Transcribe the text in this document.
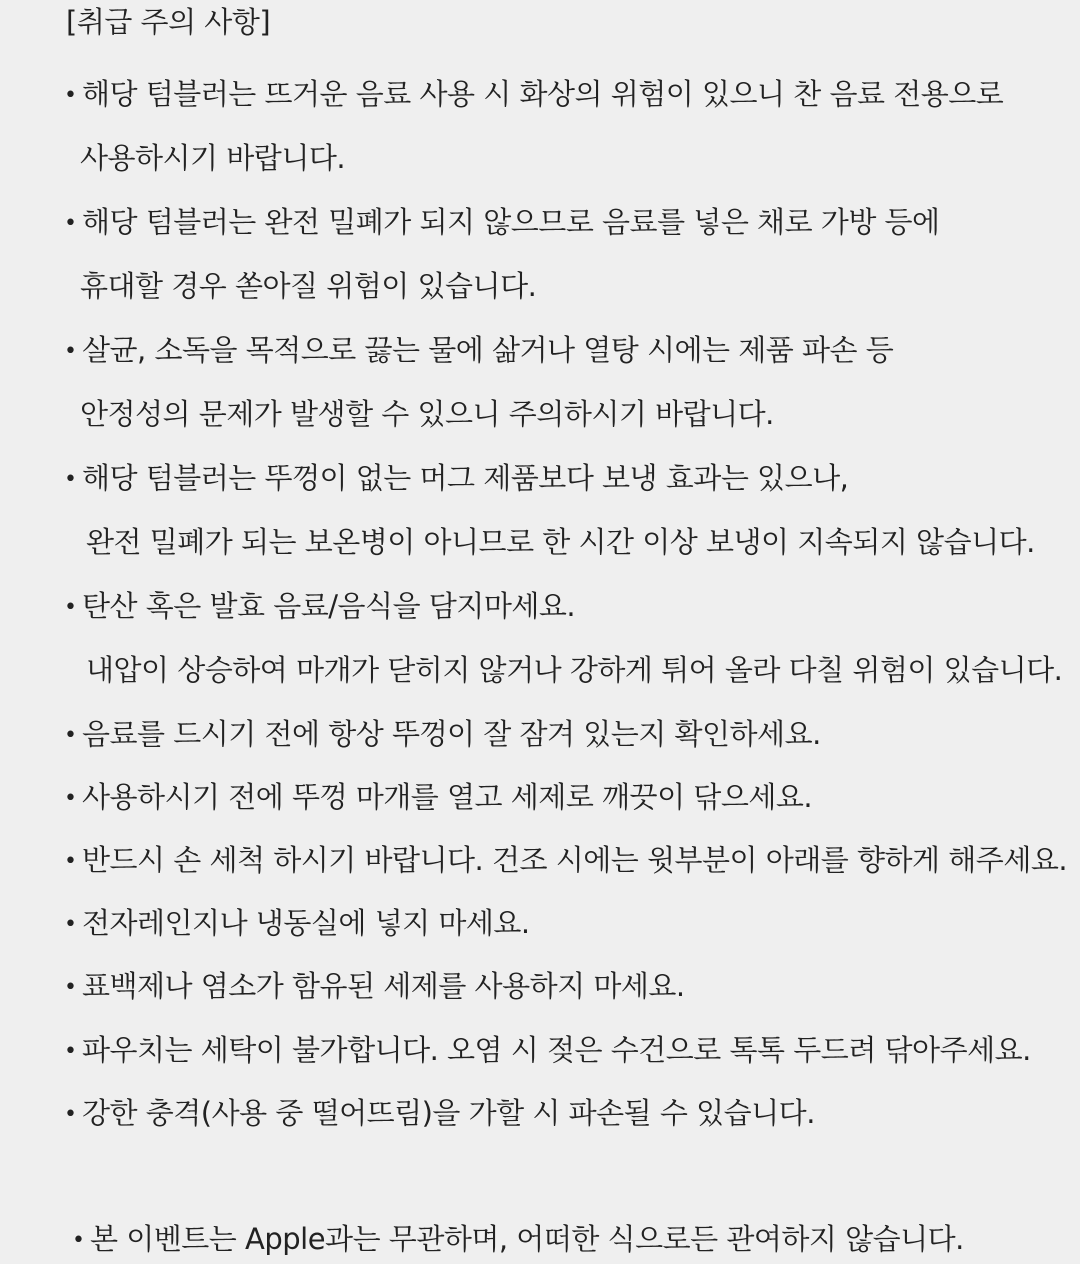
[취급 주의 사항]
• 해당 텀블러는 뜨거운 음료 사용 시 화상의 위험이 있으니 찬 음료 전용으로
사용하시기 바랍니다.
• 해당 텀블러는 완전 밀폐가 되지 않으므로 음료를 넣은 채로 가방 등에
휴대할 경우 쏟아질 위험이 있습니다.
• 살균, 소독을 목적으로 끓는 물에 삶거나 열탕 시에는 제품 파손 등
안정성의 문제가 발생할 수 있으니 주의하시기 바랍니다.
• 해당 텀블러는 뚜껑이 없는 머그 제품보다 보냉 효과는 있으나,
완전 밀폐가 되는 보온병이 아니므로 한 시간 이상 보냉이 지속되지 않습니다.
• 탄산 혹은 발효 음료/음식을 담지마세요.
내압이 상승하여 마개가 닫히지 않거나 강하게 튀어 올라 다칠 위험이 있습니다.
• 음료를 드시기 전에 항상 뚜껑이 잘 잠겨 있는지 확인하세요.
• 사용하시기 전에 뚜껑 마개를 열고 세제로 깨끗이 닦으세요.
• 반드시 손 세척 하시기 바랍니다. 건조 시에는 윗부분이 아래를 향하게 해주세요.
• 전자레인지나 냉동실에 넣지 마세요.
• 표백제나 염소가 함유된 세제를 사용하지 마세요.
• 파우치는 세탁이 불가합니다. 오염 시 젖은 수건으로 톡톡 두드려 닦아주세요.
• 강한 충격(사용 중 떨어뜨림)을 가할 시 파손될 수 있습니다.
• 본 이벤트는 Apple과는 무관하며, 어떠한 식으로든 관여하지 않습니다.
